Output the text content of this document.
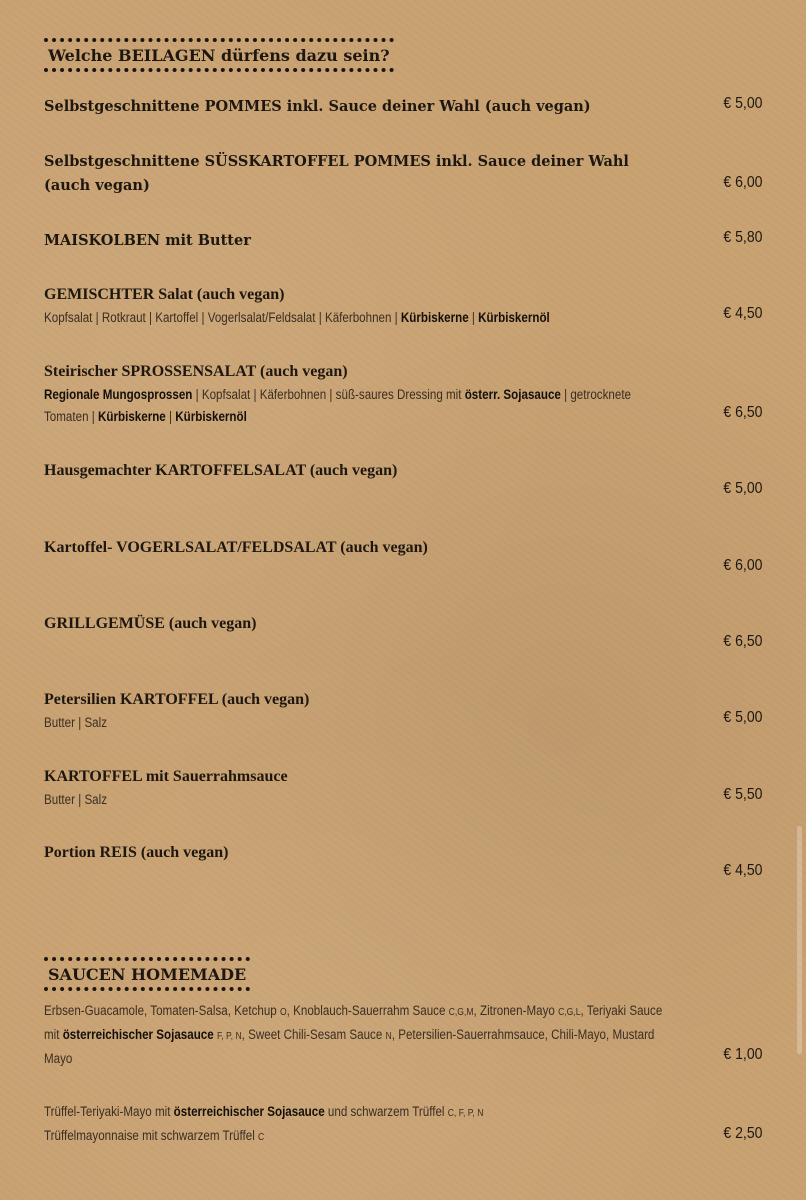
Welche BEILAGEN dürfens dazu sein?
Selbstgeschnittene POMMES inkl. Sauce deiner Wahl (auch vegan)	€ 5,00
Selbstgeschnittene SÜSSKARTOFFEL POMMES inkl. Sauce deiner Wahl (auch vegan)	€ 6,00
MAISKOLBEN mit Butter	€ 5,80
GEMISCHTER Salat (auch vegan)
Kopfsalat | Rotkraut | Kartoffel | Vogerlsalat/Feldsalat | Käferbohnen | Kürbiskerne | Kürbiskernöl	€ 4,50
Steirischer SPROSSENSALAT (auch vegan)
Regionale Mungosprossen | Kopfsalat | Käferbohnen | süß-saures Dressing mit österr. Sojasauce | getrocknete Tomaten | Kürbiskerne | Kürbiskernöl	€ 6,50
Hausgemachter KARTOFFELSALAT (auch vegan)
€ 5,00
Kartoffel- VOGERLSALAT/FELDSALAT (auch vegan)
€ 6,00
GRILLGEMÜSE (auch vegan)
€ 6,50
Petersilien KARTOFFEL (auch vegan)
Butter | Salz	€ 5,00
KARTOFFEL mit Sauerrahmsauce
Butter | Salz	€ 5,50
Portion REIS (auch vegan)
€ 4,50
SAUCEN HOMEMADE
Erbsen-Guacamole, Tomaten-Salsa, Ketchup O, Knoblauch-Sauerrahm Sauce C,G,M, Zitronen-Mayo C,G,L, Teriyaki Sauce mit österreichischer Sojasauce F, P, N, Sweet Chili-Sesam Sauce N, Petersilien-Sauerrahmsauce, Chili-Mayo, Mustard Mayo	€ 1,00
Trüffel-Teriyaki-Mayo mit österreichischer Sojasauce und schwarzem Trüffel C, F, P, N
Trüffelmayonnaise mit schwarzem Trüffel C	€ 2,50
